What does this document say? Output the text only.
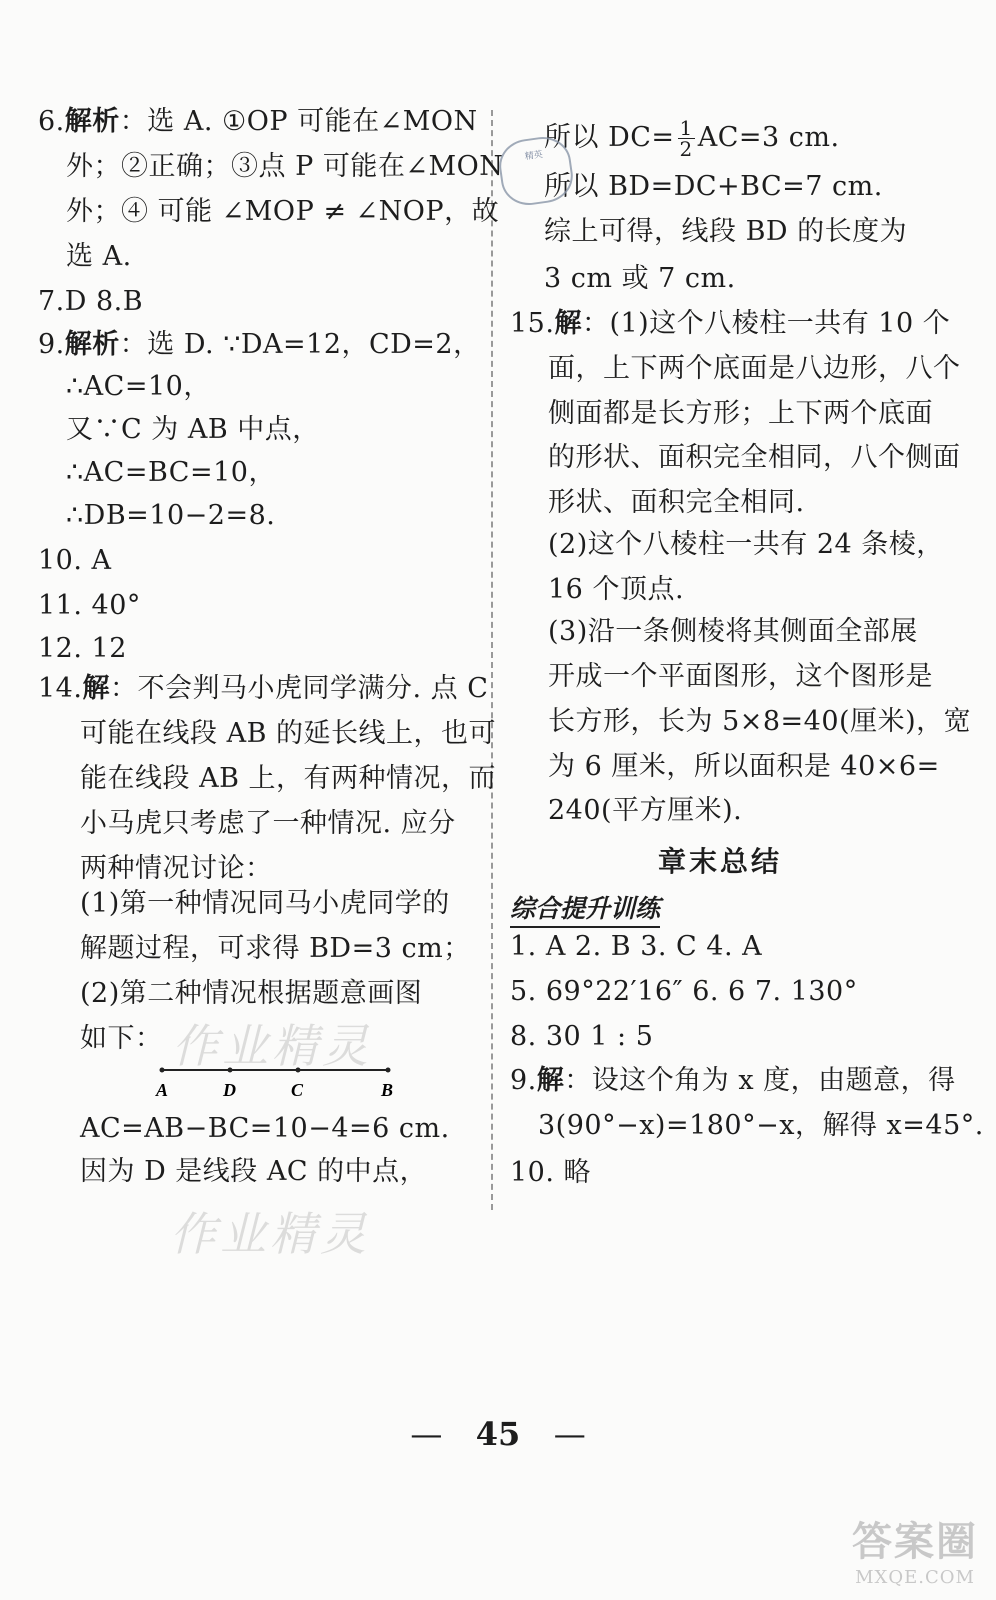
6.解析：选 A. ①OP 可能在∠MON
外；②正确；③点 P 可能在∠MON
外；④ 可能 ∠MOP ≠ ∠NOP，故
选 A.
7.D 8.B
9.解析：选 D. ∵DA=12，CD=2，
∴AC=10，
又∵C 为 AB 中点，
∴AC=BC=10，
∴DB=10−2=8.
10. A
11. 40°
12. 12
14.解：不会判马小虎同学满分. 点 C
可能在线段 AB 的延长线上，也可
能在线段 AB 上，有两种情况，而
小马虎只考虑了一种情况. 应分
两种情况讨论：
(1)第一种情况同马小虎同学的
解题过程，可求得 BD=3 cm；
(2)第二种情况根据题意画图
如下：
A	D	C	B
AC=AB−BC=10−4=6 cm.
因为 D 是线段 AC 的中点，
所以 $DC= \frac{1}{2} AC=3$ cm.
所以 BD=DC+BC=7 cm.
综上可得，线段 BD 的长度为
3 cm 或 7 cm.
15.解：(1)这个八棱柱一共有 10 个
面，上下两个底面是八边形，八个
侧面都是长方形；上下两个底面
的形状、面积完全相同，八个侧面
形状、面积完全相同.
(2)这个八棱柱一共有 24 条棱，
16 个顶点.
(3)沿一条侧棱将其侧面全部展
开成一个平面图形，这个图形是
长方形，长为 5×8=40(厘米)，宽
为 6 厘米，所以面积是 40×6=
240(平方厘米).
章末总结
综合提升训练
1. A 2. B 3. C 4. A
5. 69°22′16″ 6. 6 7. 130°
8. 30 1 : 5
9.解：设这个角为 x 度，由题意，得
3(90°−x)=180°−x，解得 x=45°.
10. 略
精英
作业精灵
作业精灵
— 45 —
答案圈
MXQE.COM
